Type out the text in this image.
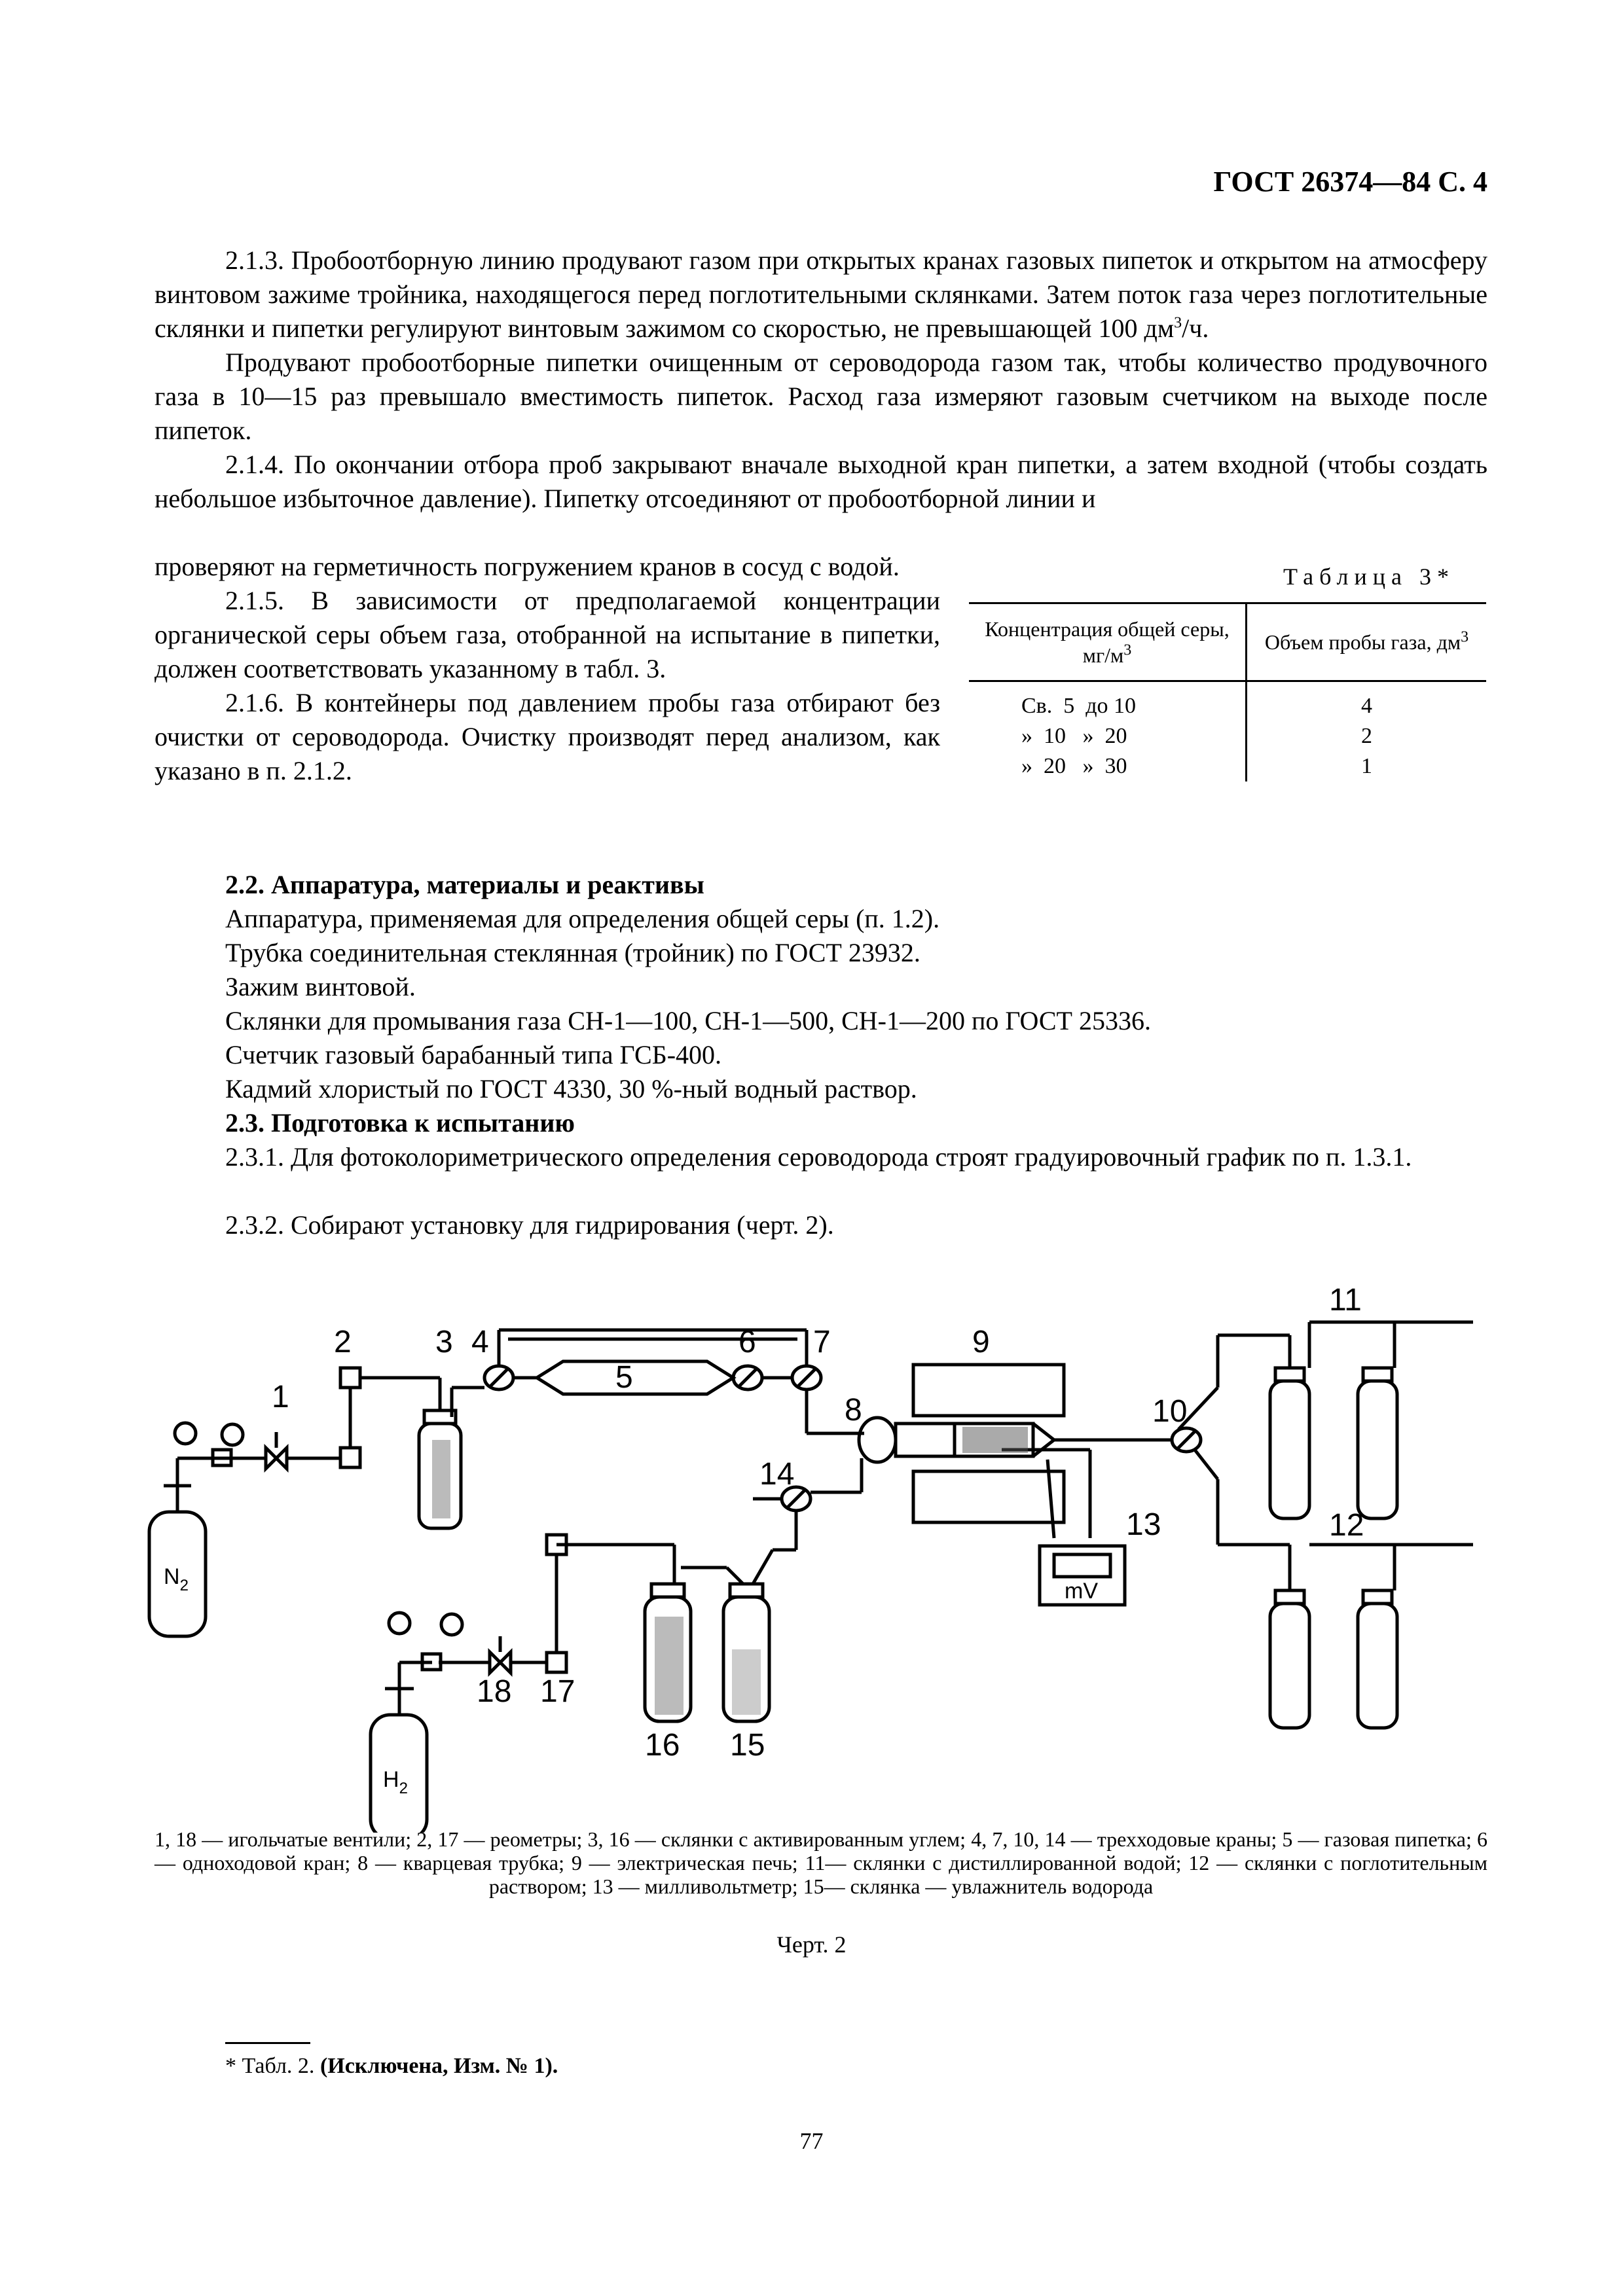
ГОСТ 26374—84 С. 4

2.1.3. Пробоотборную линию продувают газом при открытых кранах газовых пипеток и открытом на атмосферу винтовом зажиме тройника, находящегося перед поглотительными склянками. Затем поток газа через поглотительные склянки и пипетки регулируют винтовым зажимом со скоростью, не превышающей 100 $дм^3/ч$.

Продувают пробоотборные пипетки очищенным от сероводорода газом так, чтобы количество продувочного газа в 10—15 раз превышало вместимость пипеток. Расход газа измеряют газовым счетчиком на выходе после пипеток.

2.1.4. По окончании отбора проб закрывают вначале выходной кран пипетки, а затем входной (чтобы создать небольшое избыточное давление). Пипетку отсоединяют от пробоотборной линии и

проверяют на герметичность погружением кранов в сосуд с водой.

2.1.5. В зависимости от предполагаемой концентрации органической серы объем газа, отобранной на испытание в пипетки, должен соответствовать указанному в табл. 3.

2.1.6. В контейнеры под давлением пробы газа отбирают без очистки от сероводорода. Очистку производят перед анализом, как указано в п. 2.1.2.

Таблица 3*
Концентрация общей серы, $мг/м^3$	Объем пробы газа, $дм^3$
Св.  5  до 10	4
»  10   »  20	2
»  20   »  30	1
2.2. Аппаратура, материалы и реактивы
Аппаратура, применяемая для определения общей серы (п. 1.2).
Трубка соединительная стеклянная (тройник) по ГОСТ 23932.
Зажим винтовой.
Склянки для промывания газа СН-1—100, СН-1—500, СН-1—200 по ГОСТ 25336.
Счетчик газовый барабанный типа ГСБ-400.
Кадмий хлористый по ГОСТ 4330, 30 %-ный водный раствор.
2.3. Подготовка к испытанию

2.3.1. Для фотоколориметрического определения сероводорода строят градуировочный график по п. 1.3.1.

2.3.2. Собирают установку для гидрирования (черт. 2).
1
2	3 4
5
6 7
8
9
10
11
12
13
14
15
16
17
18
$N_2$
$H_2$
mV
1, 18 — игольчатые вентили; 2, 17 — реометры; 3, 16 — склянки с активированным углем; 4, 7, 10, 14 — трехходовые краны; 5 — газовая пипетка; 6 — одноходовой кран; 8 — кварцевая трубка; 9 — электрическая печь; 11— склянки с дистиллированной водой; 12 — склянки с поглотительным раствором; 13 — милливольтметр; 15— склянка — увлажнитель водорода
Черт. 2
* Табл. 2. (Исключена, Изм. № 1).
77
